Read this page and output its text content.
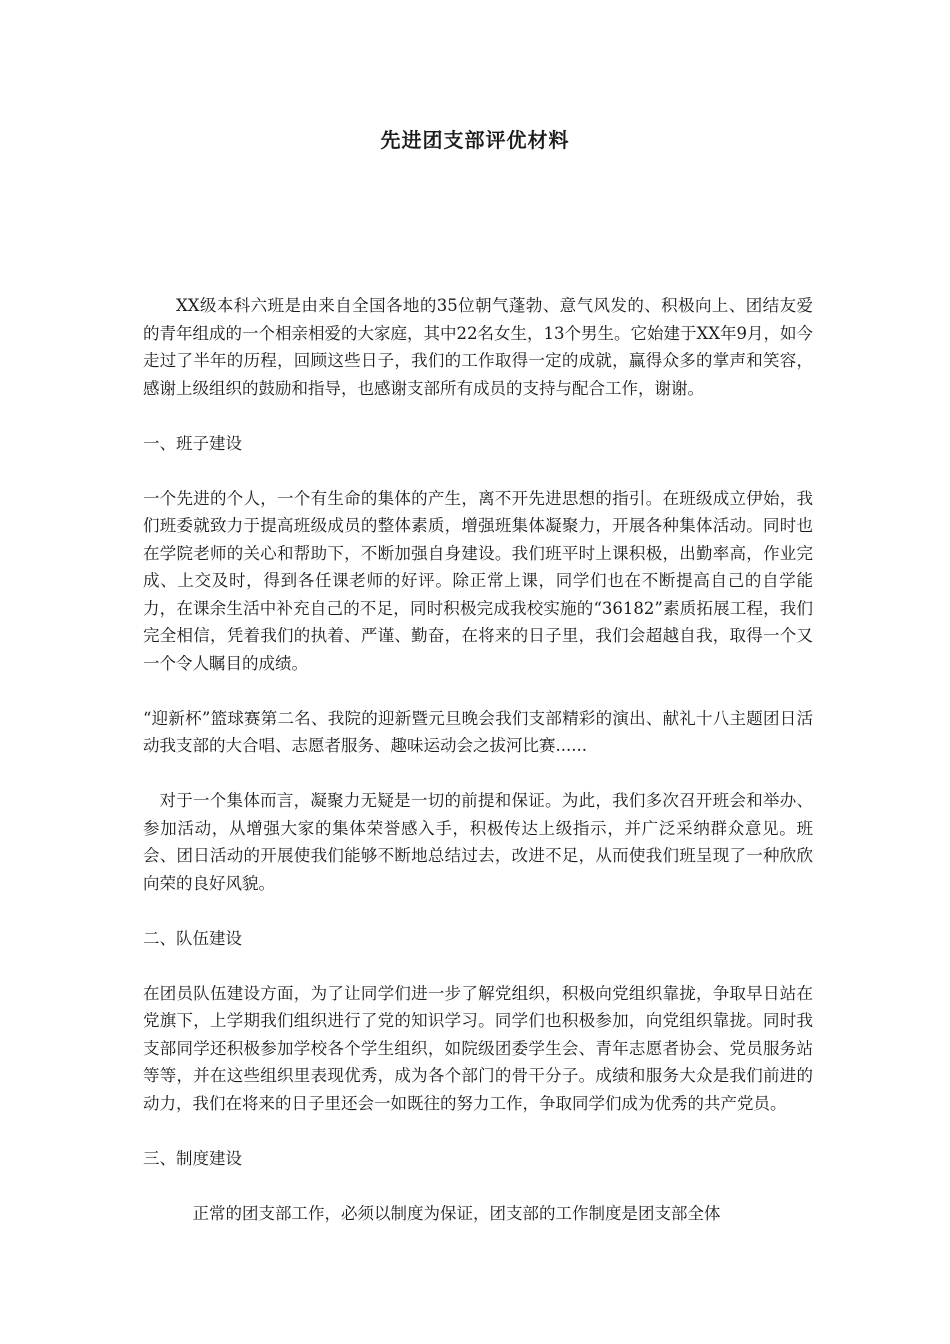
先进团支部评优材料

XX级本科六班是由来自全国各地的35位朝气蓬勃、意气风发的、积极向上、团结友爱的青年组成的一个相亲相爱的大家庭，其中22名女生，13个男生。它始建于XX年9月，如今走过了半年的历程，回顾这些日子，我们的工作取得一定的成就，赢得众多的掌声和笑容，感谢上级组织的鼓励和指导，也感谢支部所有成员的支持与配合工作，谢谢。

一、班子建设

一个先进的个人，一个有生命的集体的产生，离不开先进思想的指引。在班级成立伊始，我们班委就致力于提高班级成员的整体素质，增强班集体凝聚力，开展各种集体活动。同时也在学院老师的关心和帮助下，不断加强自身建设。我们班平时上课积极，出勤率高，作业完成、上交及时，得到各任课老师的好评。除正常上课，同学们也在不断提高自己的自学能力，在课余生活中补充自己的不足，同时积极完成我校实施的“36182”素质拓展工程，我们完全相信，凭着我们的执着、严谨、勤奋，在将来的日子里，我们会超越自我，取得一个又一个令人瞩目的成绩。

“迎新杯”篮球赛第二名、我院的迎新暨元旦晚会我们支部精彩的演出、献礼十八主题团日活动我支部的大合唱、志愿者服务、趣味运动会之拔河比赛......

对于一个集体而言，凝聚力无疑是一切的前提和保证。为此，我们多次召开班会和举办、参加活动，从增强大家的集体荣誉感入手，积极传达上级指示，并广泛采纳群众意见。班会、团日活动的开展使我们能够不断地总结过去，改进不足，从而使我们班呈现了一种欣欣向荣的良好风貌。

二、队伍建设

在团员队伍建设方面，为了让同学们进一步了解党组织，积极向党组织靠拢，争取早日站在党旗下，上学期我们组织进行了党的知识学习。同学们也积极参加，向党组织靠拢。同时我支部同学还积极参加学校各个学生组织，如院级团委学生会、青年志愿者协会、党员服务站等等，并在这些组织里表现优秀，成为各个部门的骨干分子。成绩和服务大众是我们前进的动力，我们在将来的日子里还会一如既往的努力工作，争取同学们成为优秀的共产党员。

三、制度建设

正常的团支部工作，必须以制度为保证，团支部的工作制度是团支部全体
